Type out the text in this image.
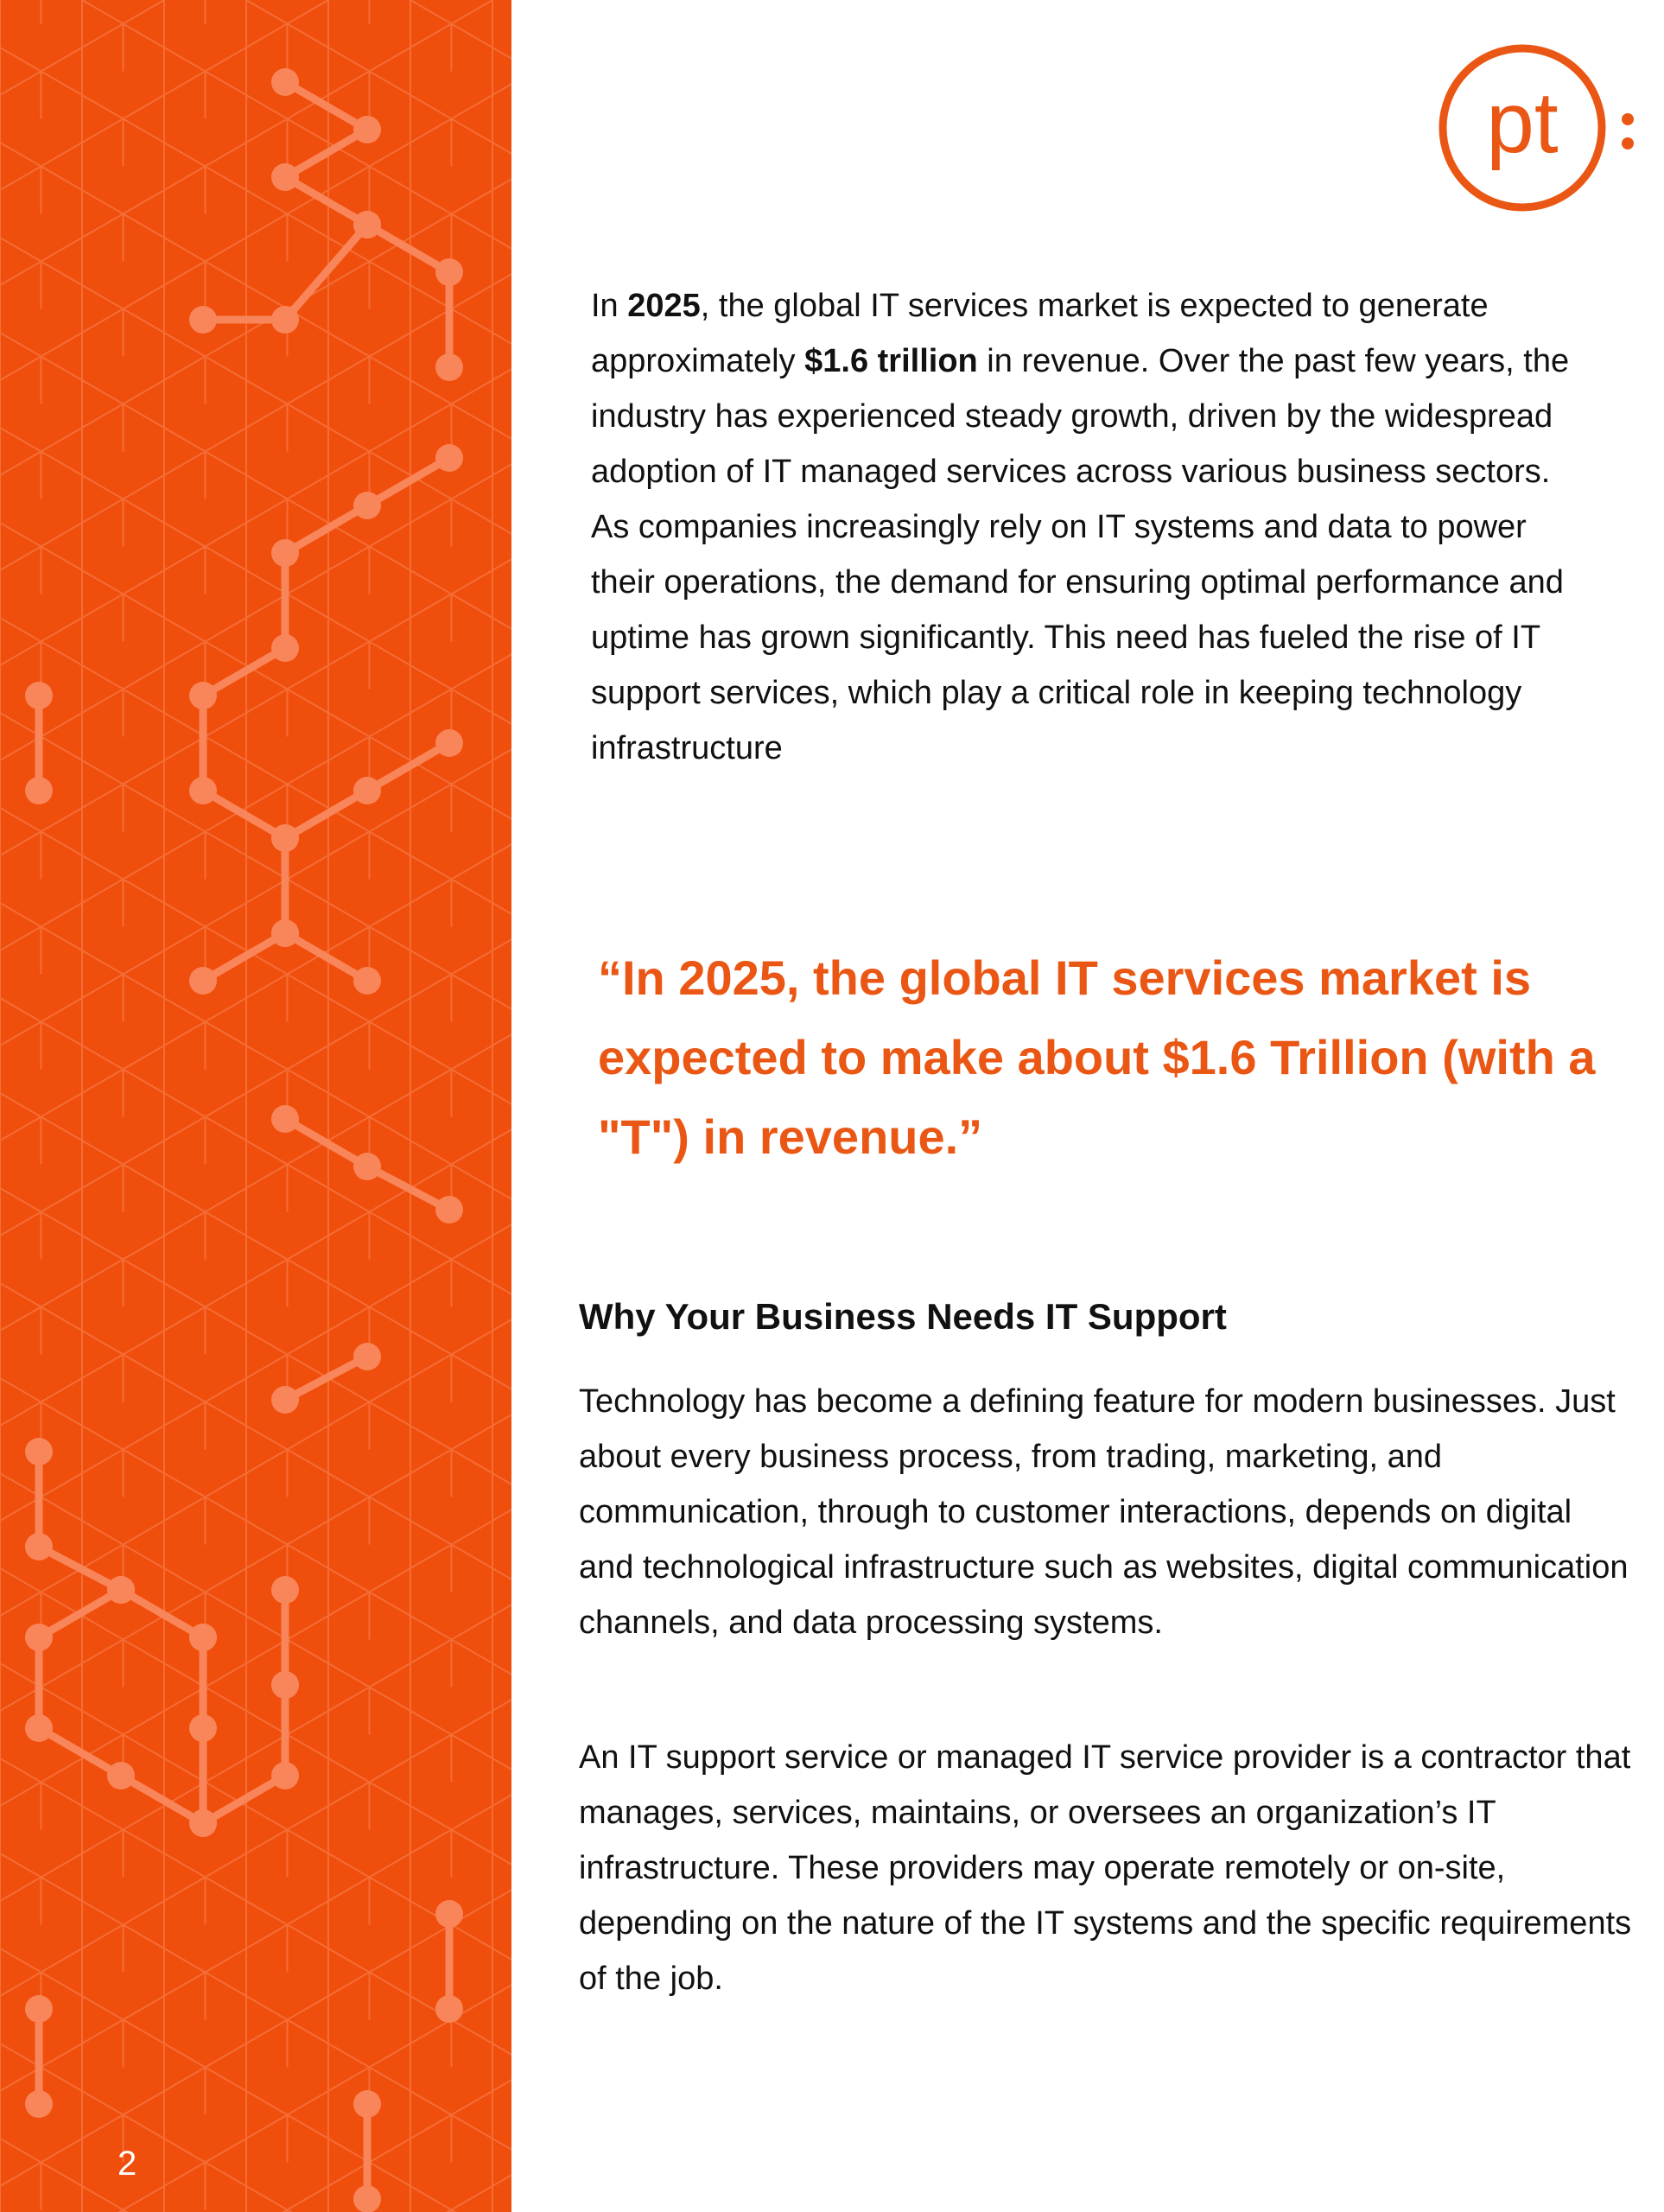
2
pt

In 2025, the global IT services market is expected to generate approximately $1.6 trillion in revenue. Over the past few years, the industry has experienced steady growth, driven by the widespread adoption of IT managed services across various business sectors. As companies increasingly rely on IT systems and data to power their operations, the demand for ensuring optimal performance and uptime has grown significantly. This need has fueled the rise of IT support services, which play a critical role in keeping technology infrastructure

“In 2025, the global IT services market is expected to make about $1.6 Trillion (with a "T") in revenue.”

Why Your Business Needs IT Support

Technology has become a defining feature for modern businesses. Just about every business process, from trading, marketing, and communication, through to customer interactions, depends on digital and technological infrastructure such as websites, digital communication channels, and data processing systems.

An IT support service or managed IT service provider is a contractor that manages, services, maintains, or oversees an organization’s IT infrastructure. These providers may operate remotely or on-site, depending on the nature of the IT systems and the specific requirements of the job.
